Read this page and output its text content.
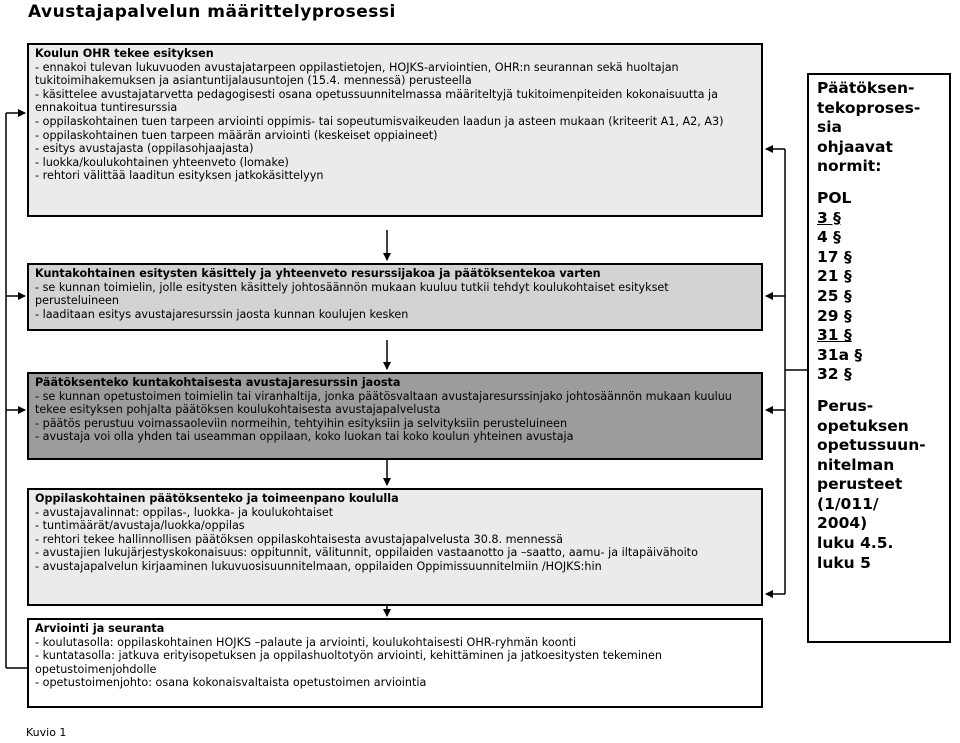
Avustajapalvelun määrittelyprosessi
Koulun OHR tekee esityksen
- ennakoi tulevan lukuvuoden avustajatarpeen oppilastietojen, HOJKS-arviointien, OHR:n seurannan sekä huoltajan tukitoimihakemuksen ja asiantuntijalausuntojen (15.4. mennessä) perusteella
- käsittelee avustajatarvetta pedagogisesti osana opetussuunnitelmassa määriteltyjä tukitoimenpiteiden kokonaisuutta ja ennakoitua tuntiresurssia
- oppilaskohtainen tuen tarpeen arviointi oppimis- tai sopeutumisvaikeuden laadun ja asteen mukaan (kriteerit A1, A2, A3)
- oppilaskohtainen tuen tarpeen määrän arviointi (keskeiset oppiaineet)
- esitys avustajasta (oppilasohjaajasta)
- luokka/koulukohtainen yhteenveto (lomake)
- rehtori välittää laaditun esityksen jatkokäsittelyyn
Kuntakohtainen esitysten käsittely ja yhteenveto resurssijakoa ja päätöksentekoa varten
- se kunnan toimielin, jolle esitysten käsittely johtosäännön mukaan kuuluu tutkii tehdyt koulukohtaiset esitykset perusteluineen
- laaditaan esitys avustajaresurssin jaosta kunnan koulujen kesken
Päätöksenteko kuntakohtaisesta avustajaresurssin jaosta
- se kunnan opetustoimen toimielin tai viranhaltija, jonka päätösvaltaan avustajaresurssinjako johtosäännön mukaan kuuluu tekee esityksen pohjalta päätöksen koulukohtaisesta avustajapalvelusta
- päätös perustuu voimassaoleviin normeihin, tehtyihin esityksiin ja selvityksiin perusteluineen
- avustaja voi olla yhden tai useamman oppilaan, koko luokan tai koko koulun yhteinen avustaja
Oppilaskohtainen päätöksenteko ja toimeenpano koululla
- avustajavalinnat: oppilas-, luokka- ja koulukohtaiset
- tuntimäärät/avustaja/luokka/oppilas
- rehtori tekee hallinnollisen päätöksen oppilaskohtaisesta avustajapalvelusta 30.8. mennessä
- avustajien lukujärjestyskokonaisuus: oppitunnit, välitunnit, oppilaiden vastaanotto ja –saatto, aamu- ja iltapäivähoito
- avustajapalvelun kirjaaminen lukuvuosisuunnitelmaan, oppilaiden Oppimissuunnitelmiin /HOJKS:hin
Arviointi ja seuranta
- koulutasolla: oppilaskohtainen HOJKS –palaute ja arviointi, koulukohtaisesti OHR-ryhmän koonti
- kuntatasolla: jatkuva erityisopetuksen ja oppilashuoltotyön arviointi, kehittäminen ja jatkoesitysten tekeminen opetustoimenjohdolle
- opetustoimenjohto: osana kokonaisvaltaista opetustoimen arviointia
Päätöksen-
tekoproses-
sia
ohjaavat
normit:
POL
3 §
4 §
17 §
21 §
25 §
29 §
31 §
31a §
32 §
Perus-
opetuksen
opetussuun-
nitelman
perusteet
(1/011/
2004)
luku 4.5.
luku 5
Kuvio 1
